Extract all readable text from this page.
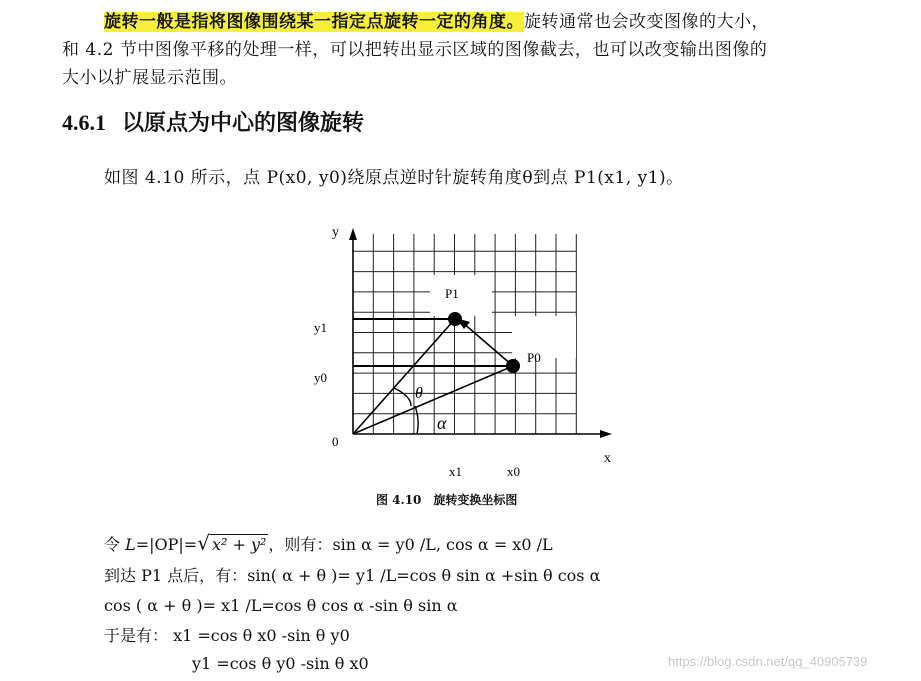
旋转一般是指将图像围绕某一指定点旋转一定的角度。旋转通常也会改变图像的大小，
和 4.2 节中图像平移的处理一样，可以把转出显示区域的图像截去，也可以改变输出图像的
大小以扩展显示范围。
4.6.1 以原点为中心的图像旋转
如图 4.10 所示，点 P(x0, y0)绕原点逆时针旋转角度θ到点 P1(x1, y1)。
y
x
0
y1
y0
x1	x0
P1
P0
θ
α
图 4.10　旋转变换坐标图
令 L=|OP|=√ x² + y² ，则有：sin α = y0 /L, cos α = x0 /L
到达 P1 点后，有：sin( α + θ )= y1 /L=cos θ sin α +sin θ cos α
cos ( α + θ )= x1 /L=cos θ cos α -sin θ sin α
于是有： x1 =cos θ x0 -sin θ y0
y1 =cos θ y0 -sin θ x0	https://blog.csdn.net/qq_40905739
